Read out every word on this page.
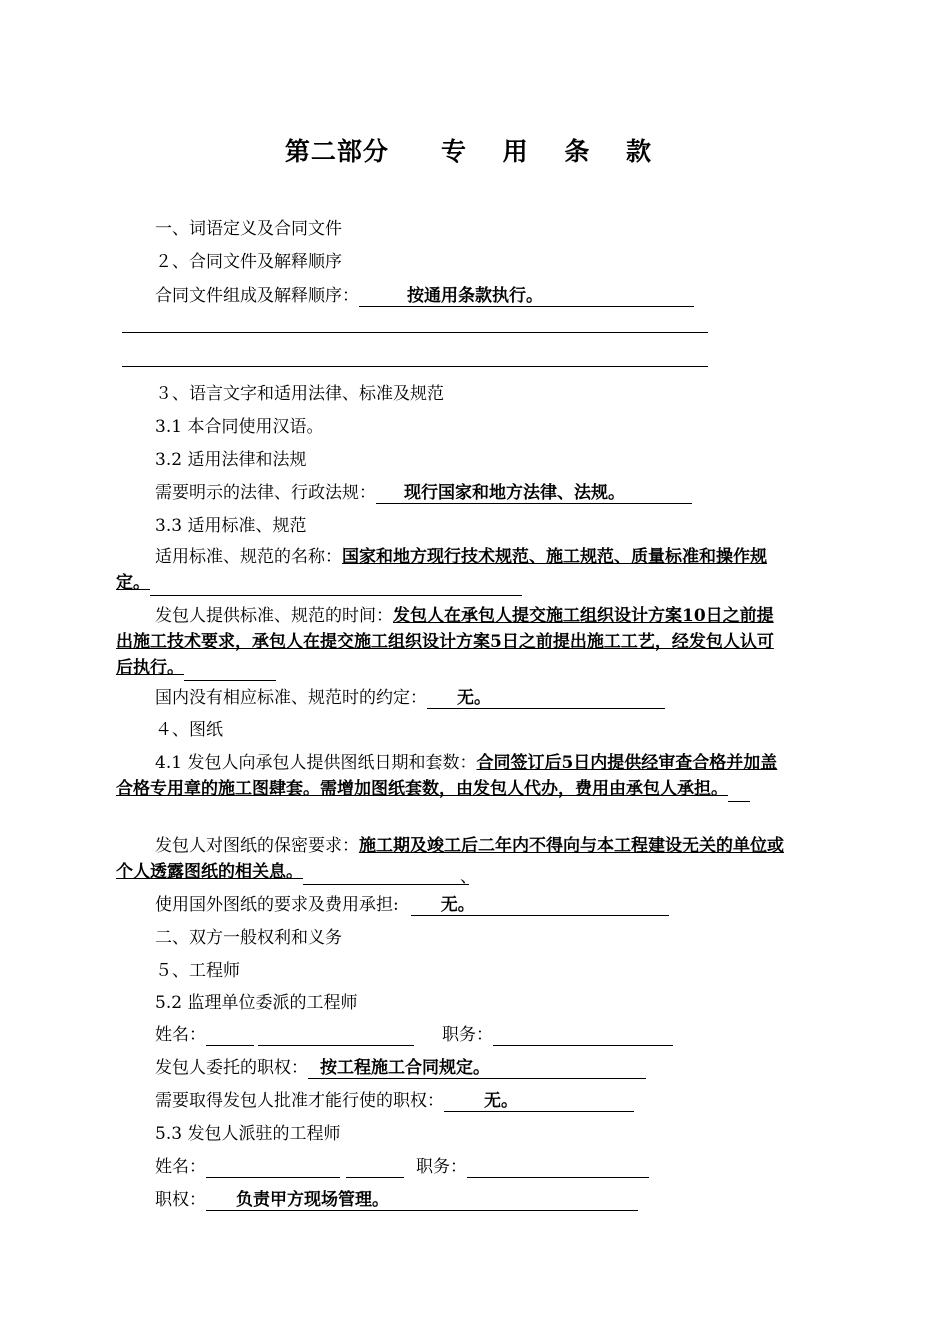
第二部分 专 用 条 款
一、词语定义及合同文件
２、合同文件及解释顺序
合同文件组成及解释顺序：	按通用条款执行。
３、语言文字和适用法律、标准及规范
3.1 本合同使用汉语。
3.2 适用法律和法规
需要明示的法律、行政法规： 现行国家和地方法律、法规。
3.3 适用标准、规范
适用标准、规范的名称：国家和地方现行技术规范、施工规范、质量标准和操作规定。
发包人提供标准、规范的时间：发包人在承包人提交施工组织设计方案10日之前提出施工技术要求，承包人在提交施工组织设计方案5日之前提出施工工艺，经发包人认可后执行。
国内没有相应标准、规范时的约定： 无。
４、图纸
4.1 发包人向承包人提供图纸日期和套数：合同签订后5日内提供经审查合格并加盖合格专用章的施工图肆套。需增加图纸套数，由发包人代办，费用由承包人承担。
发包人对图纸的保密要求：施工期及竣工后二年内不得向与本工程建设无关的单位或个人透露图纸的相关息。	、
使用国外图纸的要求及费用承担: 无。
二、双方一般权利和义务
５、工程师
5.2 监理单位委派的工程师
姓名：	职务：
发包人委托的职权： 按工程施工合同规定。
需要取得发包人批准才能行使的职权： 无。
5.3 发包人派驻的工程师
姓名：	职务：
职权： 负责甲方现场管理。
